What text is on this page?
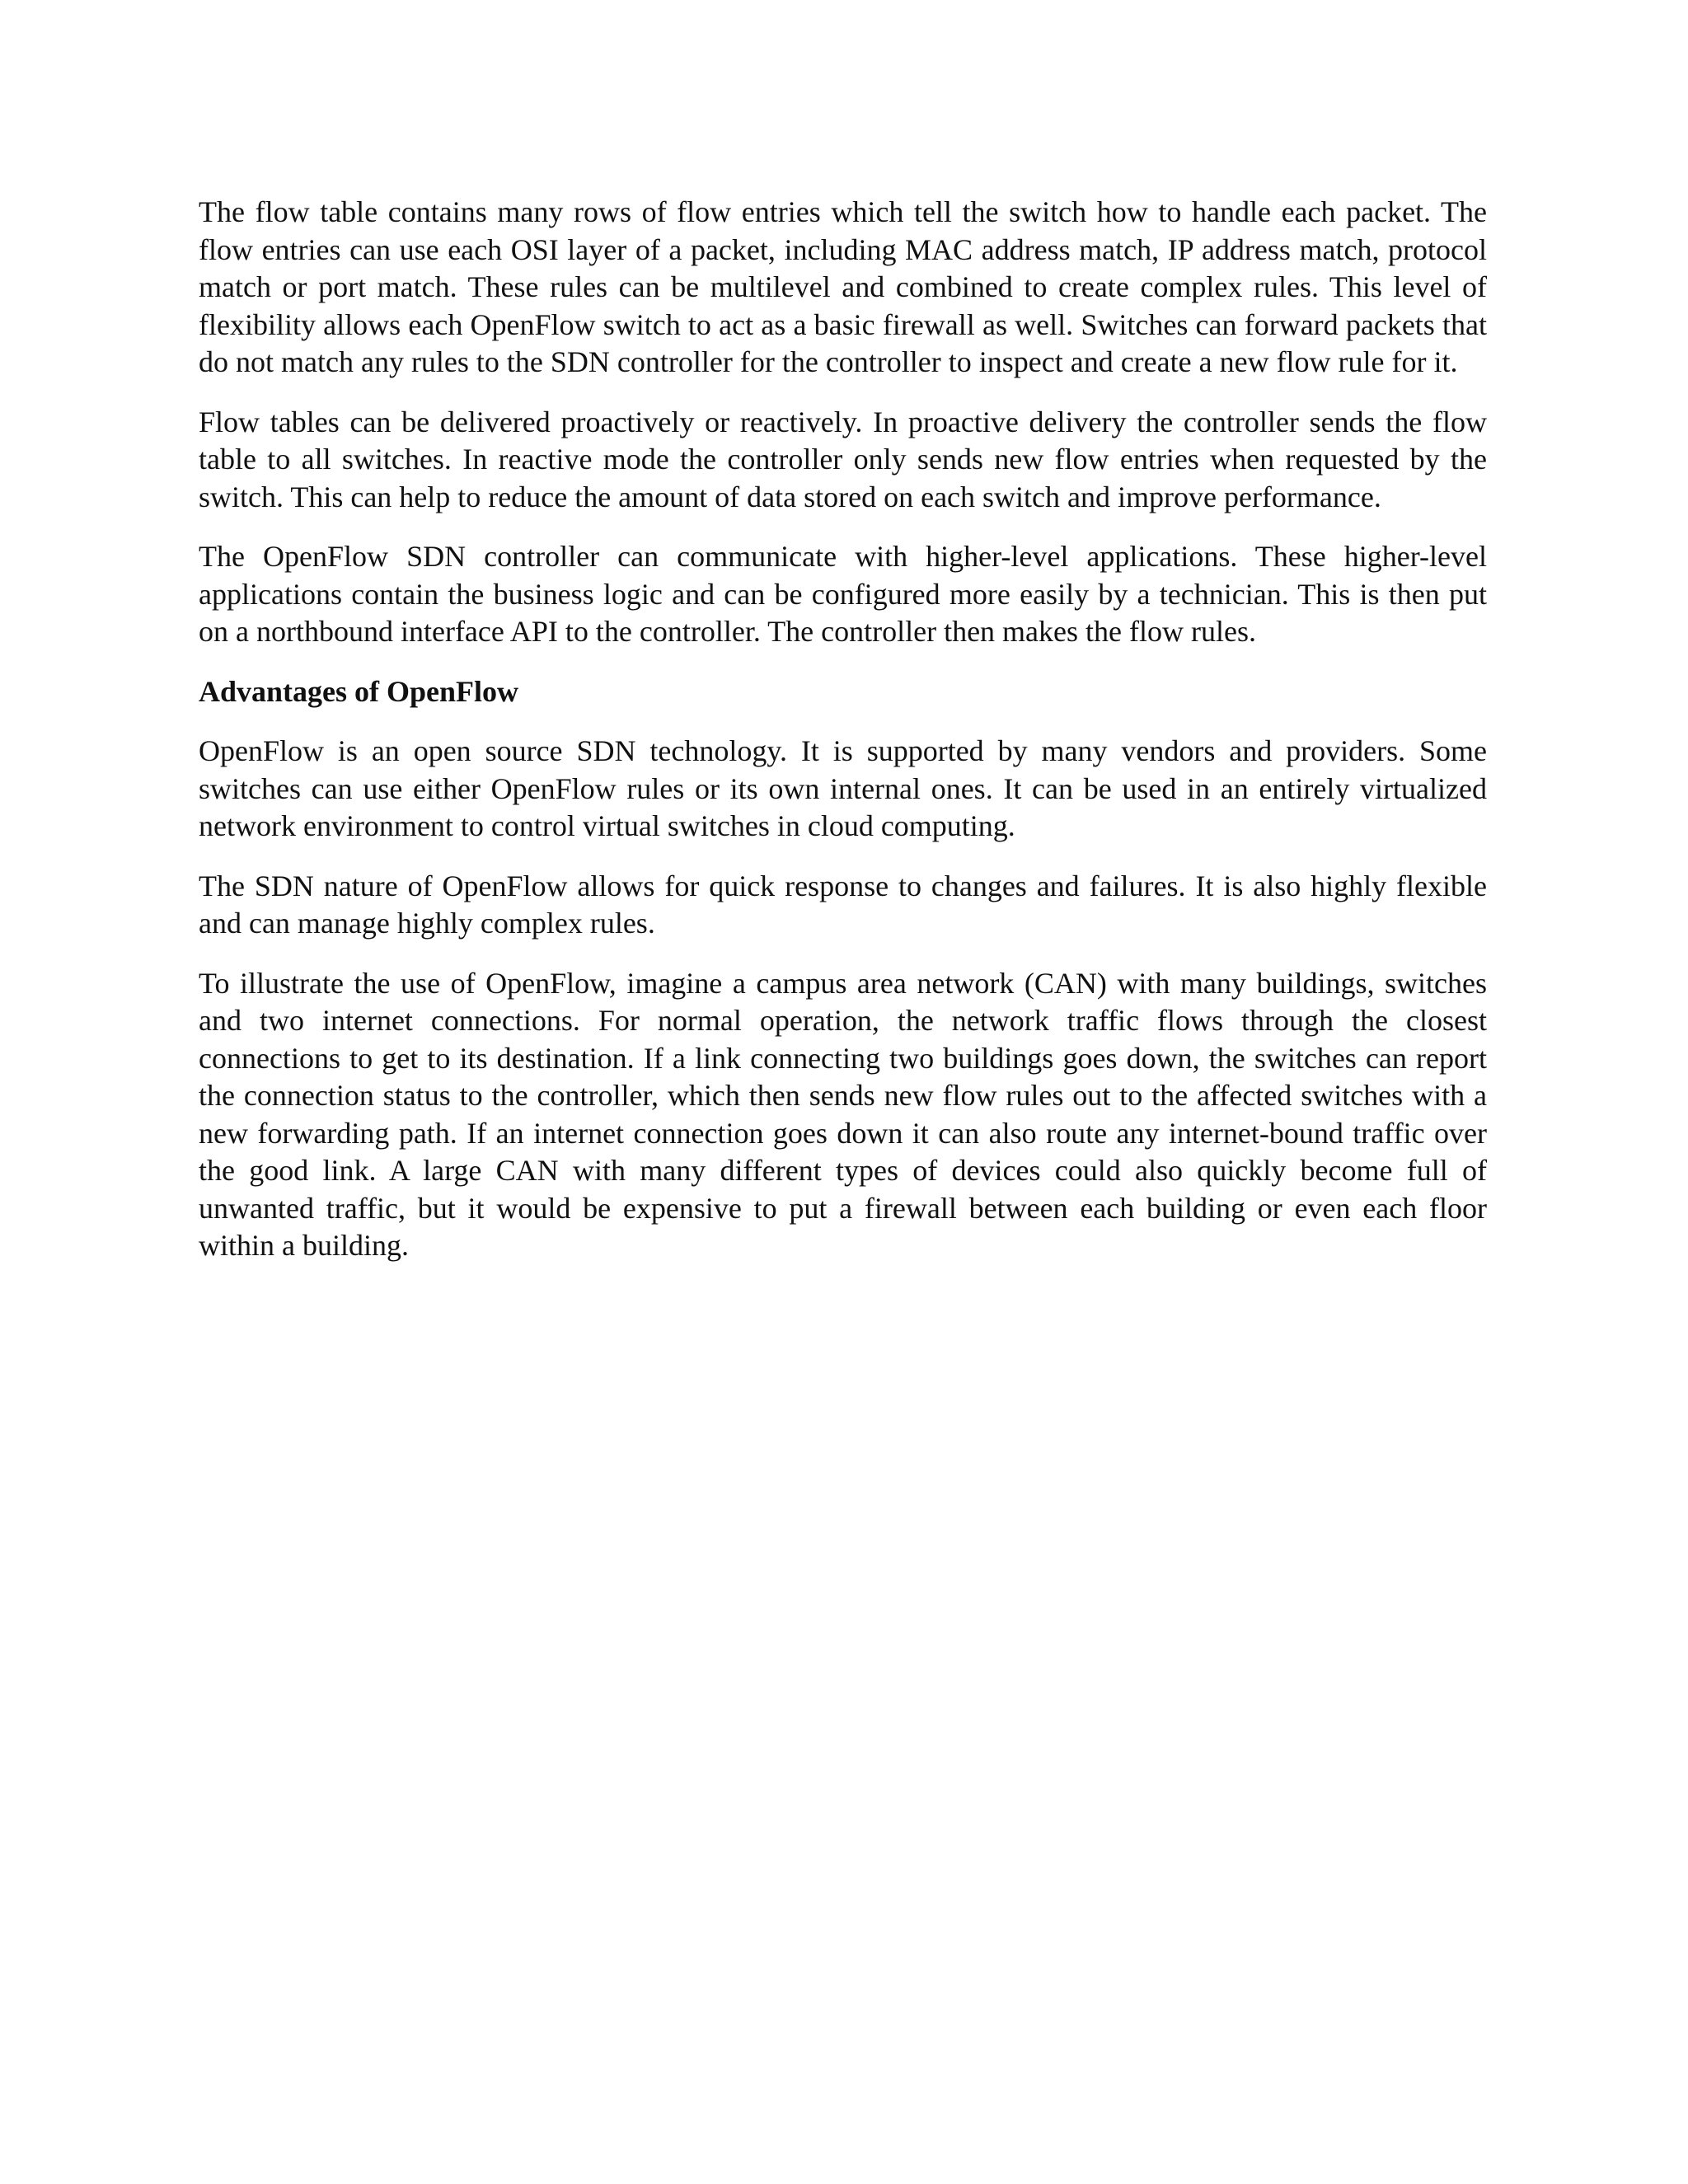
The flow table contains many rows of flow entries which tell the switch how to handle each packet. The flow entries can use each OSI layer of a packet, including MAC address match, IP address match, protocol match or port match. These rules can be multilevel and combined to create complex rules. This level of flexibility allows each OpenFlow switch to act as a basic firewall as well. Switches can forward packets that do not match any rules to the SDN controller for the controller to inspect and create a new flow rule for it.

Flow tables can be delivered proactively or reactively. In proactive delivery the controller sends the flow table to all switches. In reactive mode the controller only sends new flow entries when requested by the switch. This can help to reduce the amount of data stored on each switch and improve performance.

The OpenFlow SDN controller can communicate with higher-level applications. These higher-level applications contain the business logic and can be configured more easily by a technician. This is then put on a northbound interface API to the controller. The controller then makes the flow rules.

Advantages of OpenFlow

OpenFlow is an open source SDN technology. It is supported by many vendors and providers. Some switches can use either OpenFlow rules or its own internal ones. It can be used in an entirely virtualized network environment to control virtual switches in cloud computing.

The SDN nature of OpenFlow allows for quick response to changes and failures. It is also highly flexible and can manage highly complex rules.

To illustrate the use of OpenFlow, imagine a campus area network (CAN) with many buildings, switches and two internet connections. For normal operation, the network traffic flows through the closest connections to get to its destination. If a link connecting two buildings goes down, the switches can report the connection status to the controller, which then sends new flow rules out to the affected switches with a new forwarding path. If an internet connection goes down it can also route any internet-bound traffic over the good link. A large CAN with many different types of devices could also quickly become full of unwanted traffic, but it would be expensive to put a firewall between each building or even each floor within a building.
